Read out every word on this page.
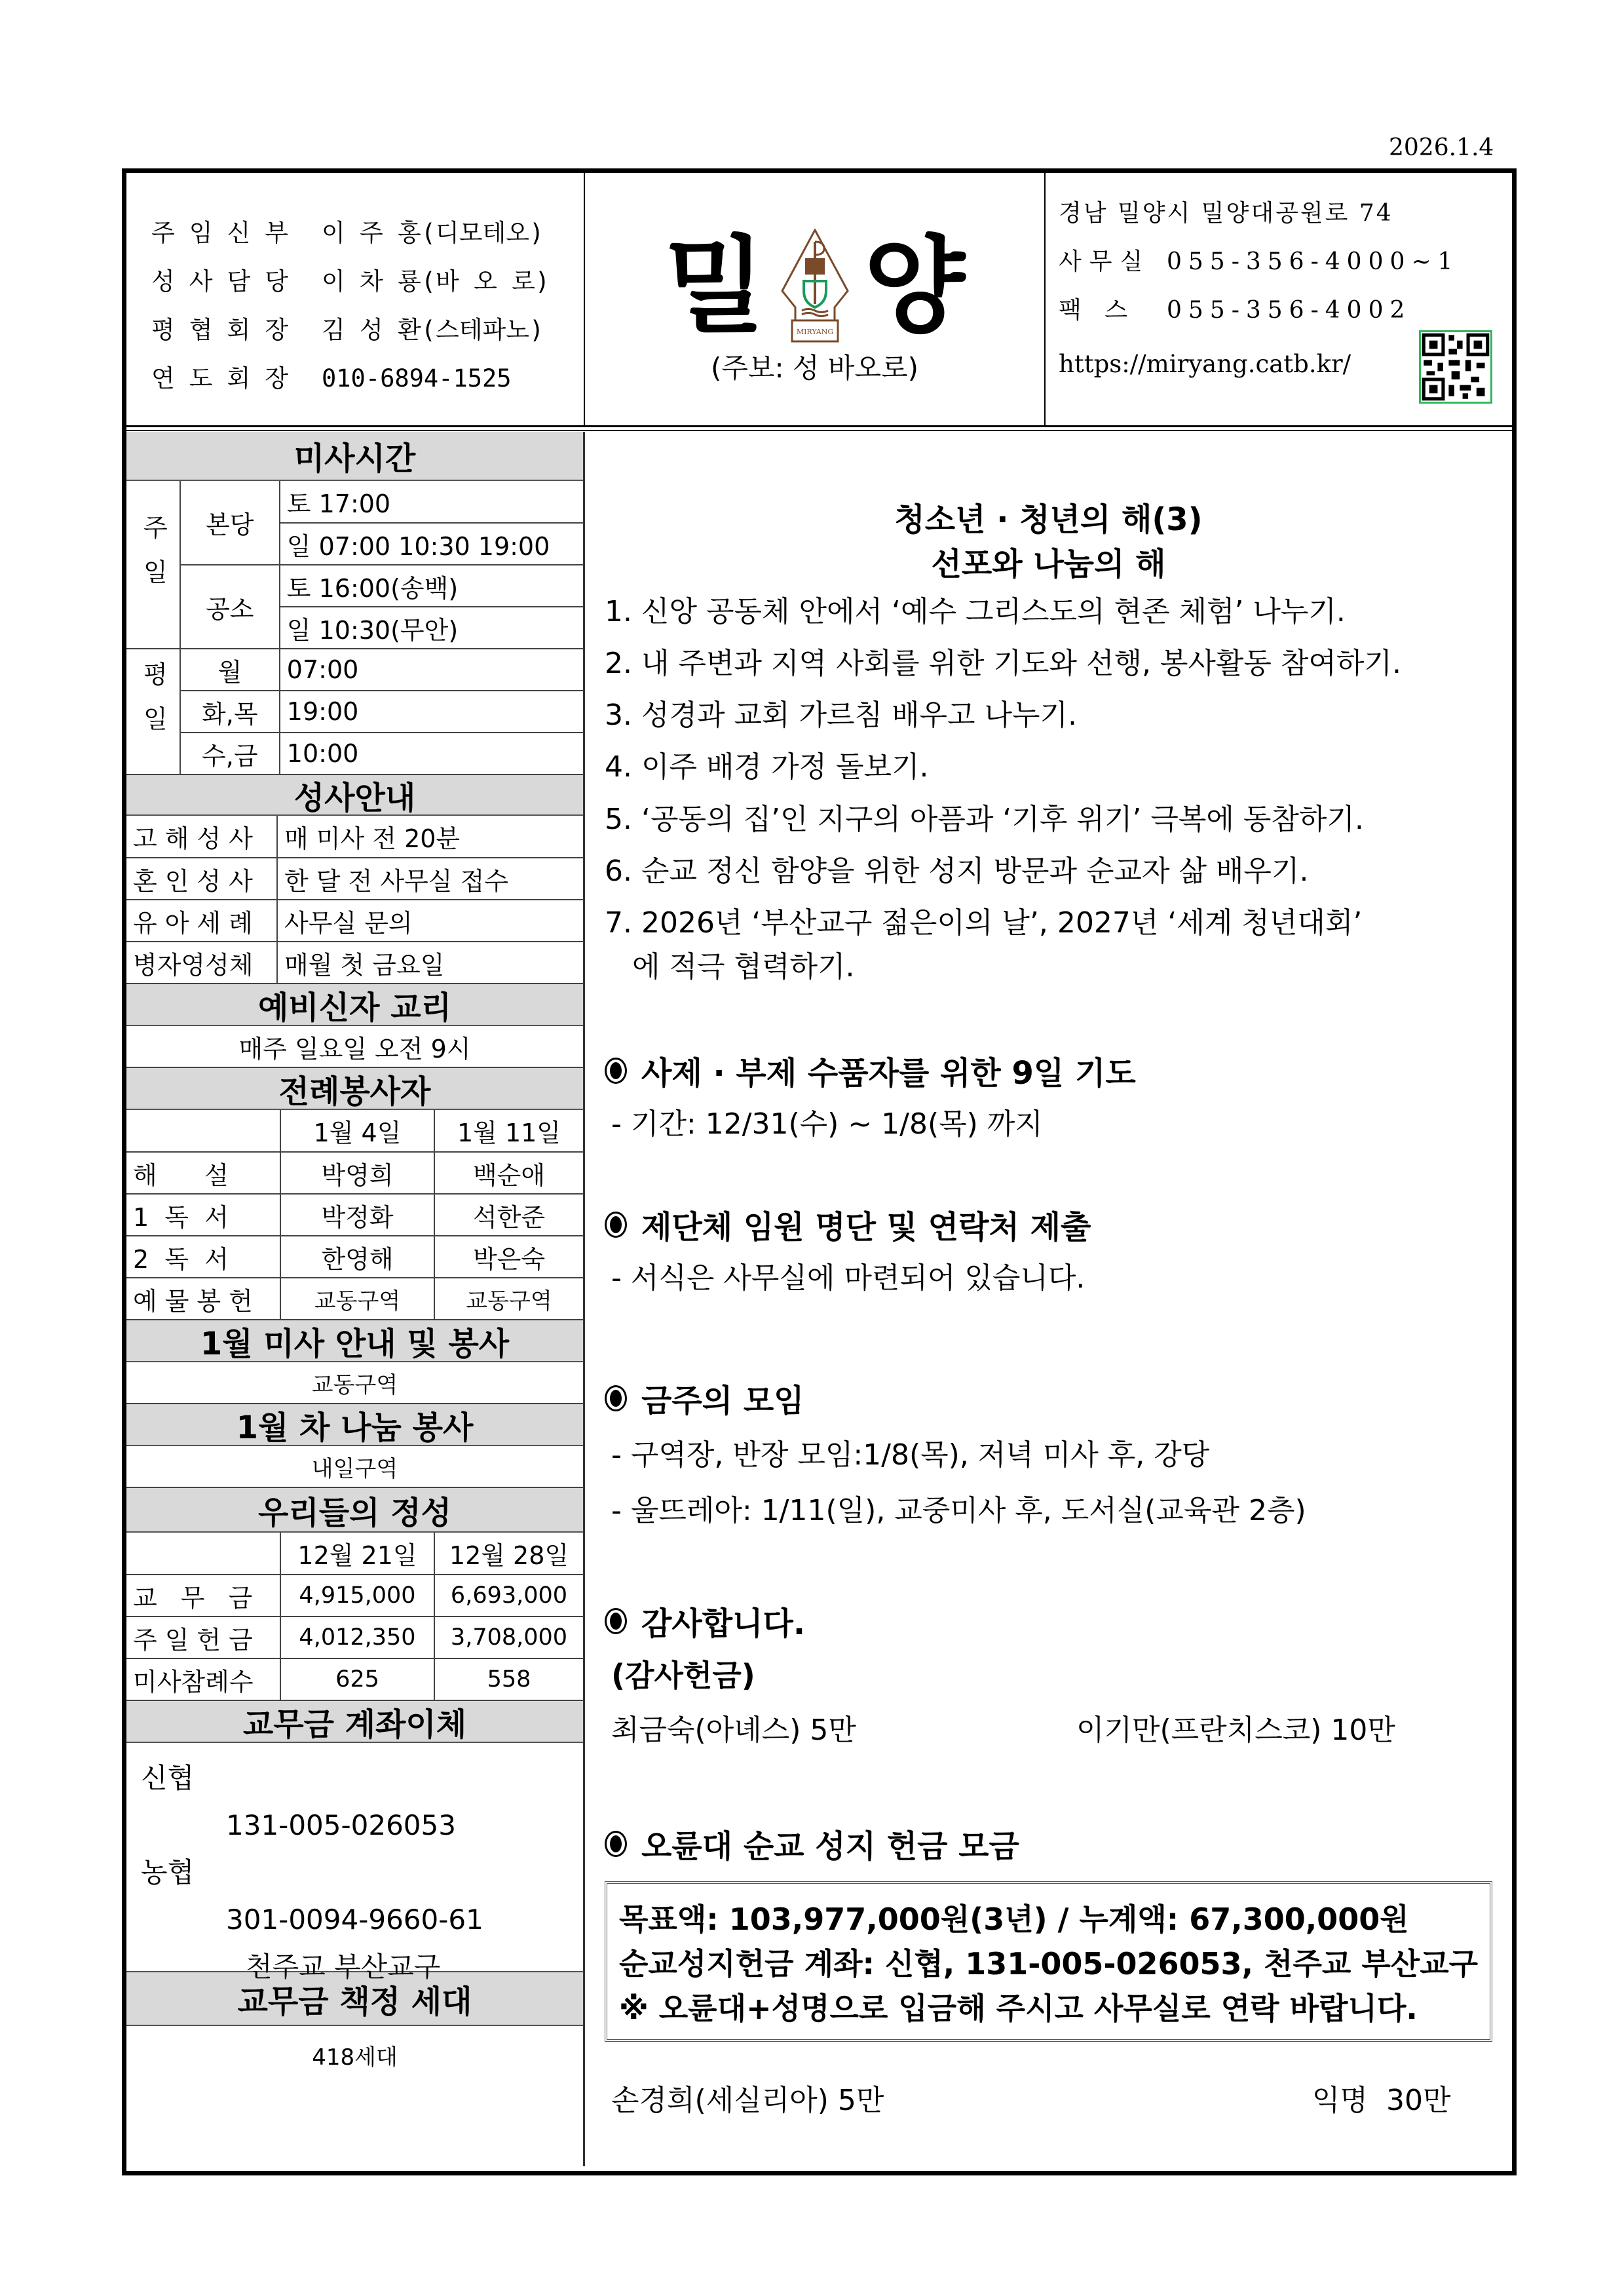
2026.1.4
주임신부 이 주 홍(디모테오)
성사담당 이 차 룡(바 오 로)
평협회장 김 성 환(스테파노)
연도회장 010-6894-1525
밀	MIRYANG 양
(주보: 성 바오로)
경남 밀양시 밀양대공원로 74
사무실 055-356-4000~1
팩 스 055-356-4002
https://miryang.catb.kr/
미사시간
주일	본당	토 17:00
		일 07:00 10:30 19:00
	공소	토 16:00(송백)
		일 10:30(무안)
평일	월	07:00
	화,목	19:00
	수,금	10:00
성사안내
고해성사	매 미사 전 20분
혼인성사	한 달 전 사무실 접수
유아세례	사무실 문의
병자영성체	매월 첫 금요일
예비신자 교리
매주 일요일 오전 9시
전례봉사자
	1월 4일	1월 11일
해      설	박영희	백순애
1  독  서	박정화	석한준
2  독  서	한영해	박은숙
예물봉헌	교동구역	교동구역
1월 미사 안내 및 봉사
교동구역
1월 차 나눔 봉사
내일구역
우리들의 정성
	12월 21일	12월 28일
교 무 금	4,915,000	6,693,000
주일헌금	4,012,350	3,708,000
미사참례수	625	558
교무금 계좌이체
신협
131-005-026053
농협
301-0094-9660-61
천주교 부산교구
교무금 책정 세대
418세대
청소년 · 청년의 해(3)
선포와 나눔의 해
1. 신앙 공동체 안에서 ‘예수 그리스도의 현존 체험’ 나누기.
2. 내 주변과 지역 사회를 위한 기도와 선행, 봉사활동 참여하기.
3. 성경과 교회 가르침 배우고 나누기.
4. 이주 배경 가정 돌보기.
5. ‘공동의 집’인 지구의 아픔과 ‘기후 위기’ 극복에 동참하기.
6. 순교 정신 함양을 위한 성지 방문과 순교자 삶 배우기.
7. 2026년 ‘부산교구 젊은이의 날’, 2027년 ‘세계 청년대회’
에 적극 협력하기.
사제 · 부제 수품자를 위한 9일 기도
- 기간: 12/31(수) ~ 1/8(목) 까지
제단체 임원 명단 및 연락처 제출
- 서식은 사무실에 마련되어 있습니다.
금주의 모임
- 구역장, 반장 모임:1/8(목), 저녁 미사 후, 강당
- 울뜨레아: 1/11(일), 교중미사 후, 도서실(교육관 2층)
감사합니다.
(감사헌금)
최금숙(아녜스) 5만	이기만(프란치스코) 10만
오륜대 순교 성지 헌금 모금
목표액: 103,977,000원(3년) / 누계액: 67,300,000원
순교성지헌금 계좌: 신협, 131-005-026053, 천주교 부산교구
※ 오륜대+성명으로 입금해 주시고 사무실로 연락 바랍니다.
손경희(세실리아) 5만	익명  30만
